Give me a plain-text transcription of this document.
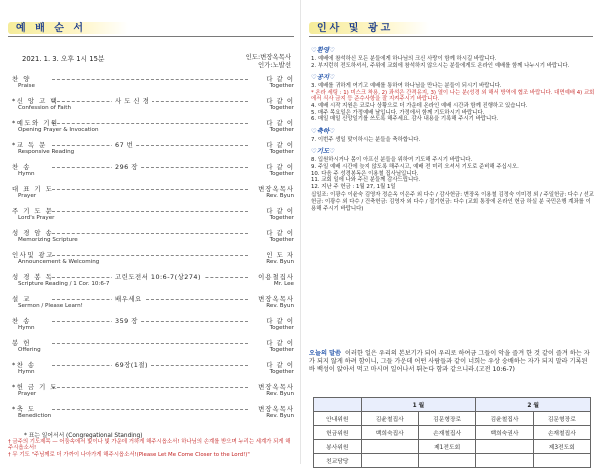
예 배 순 서
2021. 1. 3. 오후 1시 15분	인도:변장옥목사
인가:노발선
찬 양	다 같 이
Praise	Together
*신 앙 고 백	사 도 신 경	다 같 이
Confession of Faith	Together
*예도와 기원	다 같 이
Opening Prayer & Invocation	Together
*교 독 문	67 번	다 같 이
Responsive Reading	Together
찬 송	296 장	다 같 이
Hymn	Together
대 표 기 도	변장옥목사
Prayer	Rev. Byun
주 기 도 문	다 같 이
Lord's Prayer	Together
성 경 암 송	다 같 이
Memorizing Scripture	Together
인사및 광고	인 도 자
Announcement & Welcoming	Rev. Byun
성 경 봉 독	고린도전서 10:6-7(상274)	이용철집사
Scripture Reading / 1 Cor. 10:6-7	Mr. Lee
설 교	배우세요	변장옥목사
Sermon / Please Learn!	Rev. Byun
찬 송	359 장	다 같 이
Hymn	Together
봉 헌	다 같 이
Offering	Together
*찬 송	69장(1절)	다 같 이
Hymn	Together
*헌 금 기 도	변장옥목사
Prayer	Rev. Byun
*축 도	변장옥목사
Benediction	Rev. Byun
* 표는 일어서서 (Congregational Standing)
† 금주의 기도제목 — 어둠속에서 빛이나 빛 가운데 거하게 해주시옵소서! 하나님의 손계를 받으며 누리는 세계가 되게 해주시옵소서!
† 무 기도 "주님께로 더 가까이 나아가게 해주시옵소서!(Please Let Me Come Closer to the Lord!)"
인사 및 광고
♡환영♡
1. 예배에 참석하신 모든 분들에게 하나님의 크신 사랑이 함께 하시길 바랍니다.
2. 부지런히 전도하셔서, 주위에 교회에 참석하지 않으시는 분들에게도 온라인 예배를 함께 나누시기 바랍니다.
♡공지♡
3. 예배를 귀하게 여기고 예배를 통하여 하나님을 만나는 분들이 되시기 바랍니다.
* 온라 세팅 : 1) 미스크 착용, 2) 좌석은 간격유지, 3) 열이 나는 분(성경 외 해서 방역에 협조 바랍니다. 대면예배 4) 교회에서 식사 금지 등 준수사항을 잘 지켜주시기 바랍니다.
4. 예배 시작 지원은 코로나 상황으로 더 가운데 온라인 예배 시간과 함께 진행하고 있습니다.
5. 매주 목요일은 가정예배 날입니다. 가정에서 함께 기도하시기 바랍니다.
6. 매일 매일 신앙일기를 쓰도록 해주세요. 감사 내용을 기록해 주시기 바랍니다.
♡축하♡
7. 이번주 생일 맞이하시는 분들을 축하합니다.
♡기도♡
8. 입원하시거나 몸이 아프신 분들을 위하여 기도해 주시기 바랍니다.
9. 주일 예배 시간에 늦지 않도록 해주시고, 예배 전 미리 오셔서 기도로 준비해 주십시오.
10. 다음 주 성경봉독은 이용철 집사님입니다.
11. 교회 일에 나와 주신 분들께 감사드립니다.
12. 지난 주 헌금 : 1월 27, 1월 1일
십일조: 이광수 이윤숙 김영자 정순옥 이은주 외 다수 / 감사헌금: 변장옥 이용철 김정숙 이미경 외 / 주일헌금: 다수 / 선교헌금: 이광수 외 다수 / 건축헌금: 김영자 외 다수 / 절기헌금: 다수 (교회 통장에 온라인 헌금 하실 분 국민은행 계좌를 이용해 주시기 바랍니다)
오늘의 말씀 이러한 일은 우리의 본보기가 되어 우리로 하여금 그들이 악을 즐겨 한 것 같이 즐겨 하는 자가 되지 않게 하려 함이니, 그들 가운데 어떤 사람들과 같이 너희는 우상 숭배하는 자가 되지 말라 기록된 바 백성이 앉아서 먹고 마시며 일어나서 뛰논다 함과 같으니라.(고전 10:6-7)
	1 월		2 월	
안내위원	김윤철집사	김문형장로	김윤철집사	김문형장로
헌금위원	백희숙집사	손재철집사	백희숙권사	손재철집사
봉사위원		제1전도회		제3전도회
친교담당				
